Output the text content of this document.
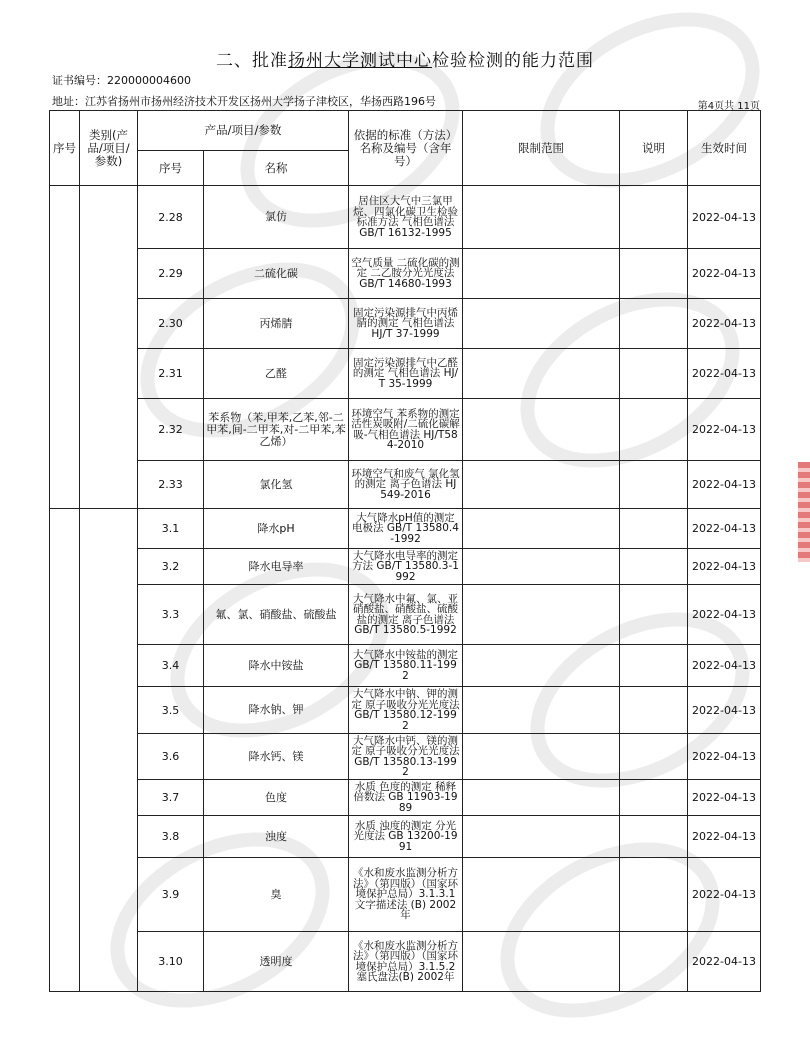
二、批准扬州大学测试中心检验检测的能力范围
证书编号：220000004600
地址：江苏省扬州市扬州经济技术开发区扬州大学扬子津校区，华扬西路196号	第4页共 11页
序号	类别(产品/项目/参数)	产品/项目/参数		依据的标准（方法）名称及编号（含年号）	限制范围	说明	生效时间
		序号	名称				
		2.28	氯仿	居住区大气中三氯甲烷、四氯化碳卫生检验标准方法 气相色谱法 GB/T 16132-1995			2022-04-13
		2.29	二硫化碳	空气质量 二硫化碳的测定 二乙胺分光光度法 GB/T 14680-1993			2022-04-13
		2.30	丙烯腈	固定污染源排气中丙烯腈的测定 气相色谱法 HJ/T 37-1999			2022-04-13
		2.31	乙醛	固定污染源排气中乙醛的测定 气相色谱法 HJ/T 35-1999			2022-04-13
		2.32	苯系物（苯,甲苯,乙苯,邻-二甲苯,间-二甲苯,对-二甲苯,苯乙烯）	环境空气 苯系物的测定 活性炭吸附/二硫化碳解吸-气相色谱法 HJ/T584-2010			2022-04-13
		2.33	氯化氢	环境空气和废气 氯化氢的测定 离子色谱法 HJ 549-2016			2022-04-13
		3.1	降水pH	大气降水pH值的测定 电极法 GB/T 13580.4-1992			2022-04-13
		3.2	降水电导率	大气降水电导率的测定方法 GB/T 13580.3-1992			2022-04-13
		3.3	氟、氯、硝酸盐、硫酸盐	大气降水中氟、氯、亚硝酸盐、硝酸盐、硫酸盐的测定 离子色谱法 GB/T 13580.5-1992			2022-04-13
		3.4	降水中铵盐	大气降水中铵盐的测定 GB/T 13580.11-1992			2022-04-13
		3.5	降水钠、钾	大气降水中钠、钾的测定 原子吸收分光光度法 GB/T 13580.12-1992			2022-04-13
		3.6	降水钙、镁	大气降水中钙、镁的测定 原子吸收分光光度法 GB/T 13580.13-1992			2022-04-13
		3.7	色度	水质 色度的测定 稀释倍数法 GB 11903-1989			2022-04-13
		3.8	浊度	水质 浊度的测定 分光光度法 GB 13200-1991			2022-04-13
		3.9	臭	《水和废水监测分析方法》（第四版）（国家环境保护总局）3.1.3.1文字描述法 (B) 2002年			2022-04-13
		3.10	透明度	《水和废水监测分析方法》（第四版）（国家环境保护总局）3.1.5.2塞氏盘法(B) 2002年			2022-04-13
